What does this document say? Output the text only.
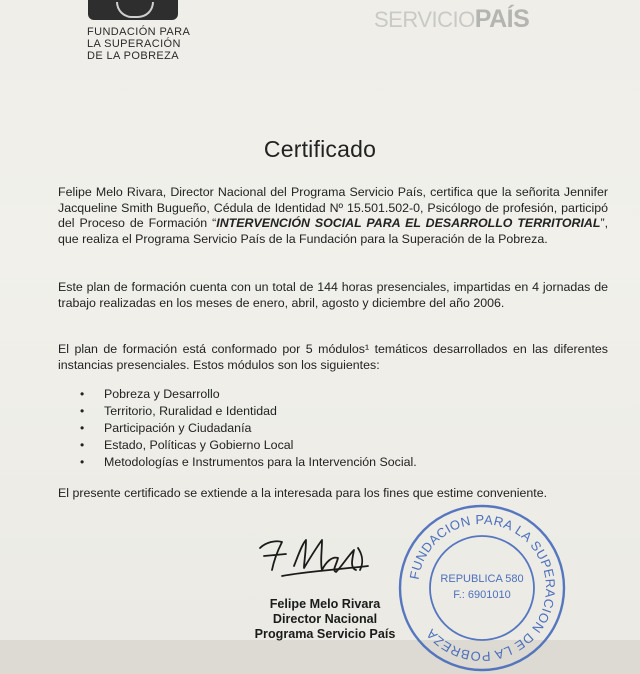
FUNDACIÓN PARA
LA SUPERACIÓN
DE LA POBREZA
SERVICIOPAÍS
Certificado
Felipe Melo Rivara, Director Nacional del Programa Servicio País, certifica que la señorita Jennifer Jacqueline Smith Bugueño, Cédula de Identidad Nº 15.501.502-0, Psicólogo de profesión, participó del Proceso de Formación “INTERVENCIÓN SOCIAL PARA EL DESARROLLO TERRITORIAL”, que realiza el Programa Servicio País de la Fundación para la Superación de la Pobreza.
Este plan de formación cuenta con un total de 144 horas presenciales, impartidas en 4 jornadas de trabajo realizadas en los meses de enero, abril, agosto y diciembre del año 2006.
El plan de formación está conformado por 5 módulos¹ temáticos desarrollados en las diferentes instancias presenciales. Estos módulos son los siguientes:
• Pobreza y Desarrollo
• Territorio, Ruralidad e Identidad
• Participación y Ciudadanía
• Estado, Políticas y Gobierno Local
• Metodologías e Instrumentos para la Intervención Social.
El presente certificado se extiende a la interesada para los fines que estime conveniente.
Felipe Melo Rivara
Director Nacional
Programa Servicio País
FUNDACION PARA LA SUPERACION DE LA POBREZA
REPUBLICA 580
F.: 6901010
